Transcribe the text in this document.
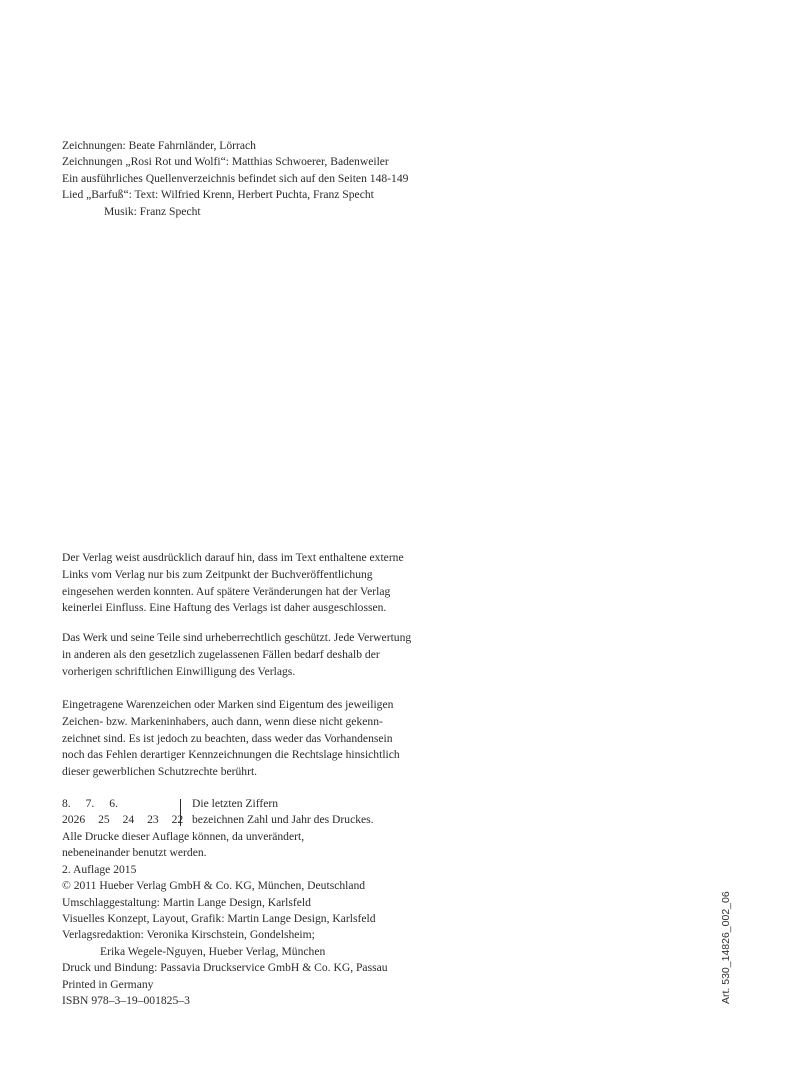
Zeichnungen: Beate Fahrnländer, Lörrach
Zeichnungen „Rosi Rot und Wolfi“: Matthias Schwoerer, Badenweiler
Ein ausführliches Quellenverzeichnis befindet sich auf den Seiten 148-149
Lied „Barfuß“: Text: Wilfried Krenn, Herbert Puchta, Franz Specht
Musik: Franz Specht
Der Verlag weist ausdrücklich darauf hin, dass im Text enthaltene externe
Links vom Verlag nur bis zum Zeitpunkt der Buchveröffentlichung
eingesehen werden konnten. Auf spätere Veränderungen hat der Verlag
keinerlei Einfluss. Eine Haftung des Verlags ist daher ausgeschlossen.
Das Werk und seine Teile sind urheberrechtlich geschützt. Jede Verwertung
in anderen als den gesetzlich zugelassenen Fällen bedarf deshalb der
vorherigen schriftlichen Einwilligung des Verlags.
Eingetragene Warenzeichen oder Marken sind Eigentum des jeweiligen
Zeichen- bzw. Markeninhabers, auch dann, wenn diese nicht gekenn-
zeichnet sind. Es ist jedoch zu beachten, dass weder das Vorhandensein
noch das Fehlen derartiger Kennzeichnungen die Rechtslage hinsichtlich
dieser gewerblichen Schutzrechte berührt.
8. 7. 6.	Die letzten Ziffern
2026 25 24 23 22 bezeichnen Zahl und Jahr des Druckes.
Alle Drucke dieser Auflage können, da unverändert,
nebeneinander benutzt werden.
2. Auflage 2015
© 2011 Hueber Verlag GmbH & Co. KG, München, Deutschland
Umschlaggestaltung: Martin Lange Design, Karlsfeld
Visuelles Konzept, Layout, Grafik: Martin Lange Design, Karlsfeld
Verlagsredaktion: Veronika Kirschstein, Gondelsheim;
Erika Wegele-Nguyen, Hueber Verlag, München
Druck und Bindung: Passavia Druckservice GmbH & Co. KG, Passau
Printed in Germany
ISBN 978–3–19–001825–3	Art. 530_14826_002_06
